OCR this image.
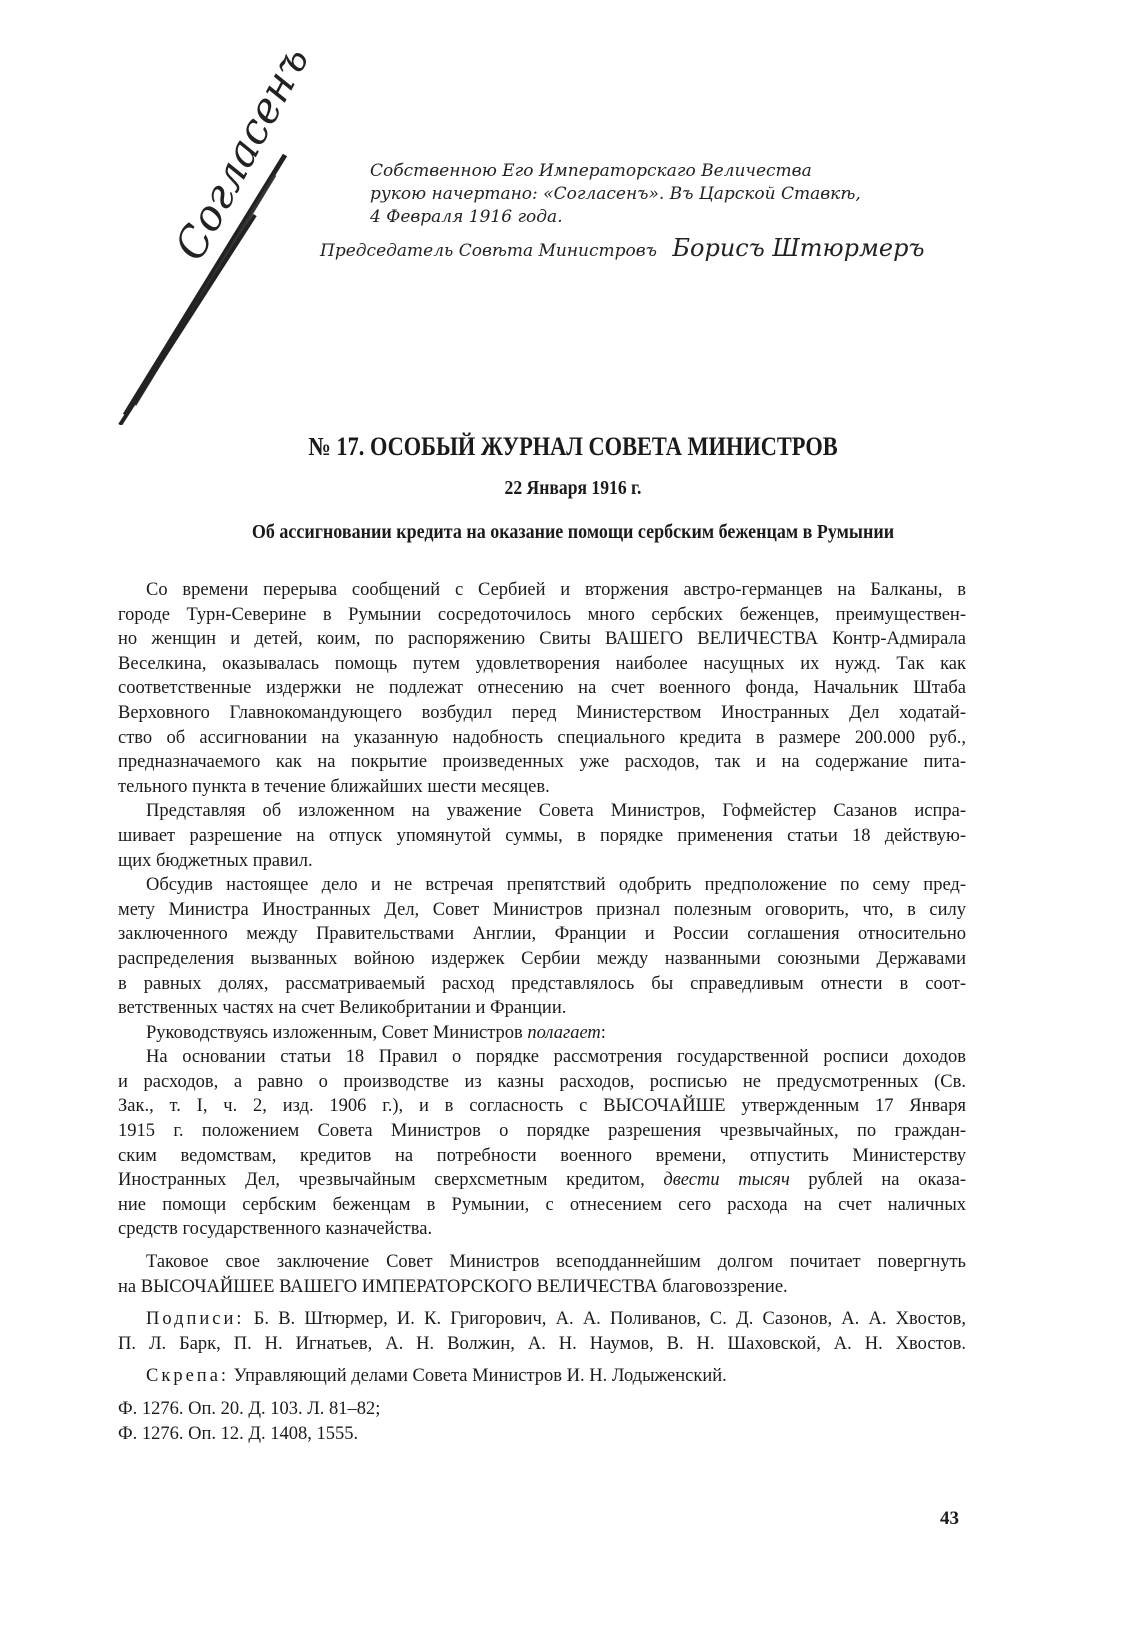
Согласенъ	Собственною Его Императорскаго Величества
рукою начертано: «Согласенъ». Въ Царской Ставкѣ,
4 Февраля 1916 года.
Председатель Совѣта Министровъ Борисъ Штюрмеръ
№ 17. ОСОБЫЙ ЖУРНАЛ СОВЕТА МИНИСТРОВ
22 Января 1916 г.
Об ассигновании кредита на оказание помощи сербским беженцам в Румынии
Со времени перерыва сообщений с Сербией и вторжения австро-германцев на Балканы, в
городе Турн-Северине в Румынии сосредоточилось много сербских беженцев, преимуществен-
но женщин и детей, коим, по распоряжению Свиты ВАШЕГО ВЕЛИЧЕСТВА Контр-Адмирала
Веселкина, оказывалась помощь путем удовлетворения наиболее насущных их нужд. Так как
соответственные издержки не подлежат отнесению на счет военного фонда, Начальник Штаба
Верховного Главнокомандующего возбудил перед Министерством Иностранных Дел ходатай-
ство об ассигновании на указанную надобность специального кредита в размере 200.000 руб.,
предназначаемого как на покрытие произведенных уже расходов, так и на содержание пита-
тельного пункта в течение ближайших шести месяцев.
Представляя об изложенном на уважение Совета Министров, Гофмейстер Сазанов испра-
шивает разрешение на отпуск упомянутой суммы, в порядке применения статьи 18 действую-
щих бюджетных правил.
Обсудив настоящее дело и не встречая препятствий одобрить предположение по сему пред-
мету Министра Иностранных Дел, Совет Министров признал полезным оговорить, что, в силу
заключенного между Правительствами Англии, Франции и России соглашения относительно
распределения вызванных войною издержек Сербии между названными союзными Державами
в равных долях, рассматриваемый расход представлялось бы справедливым отнести в соот-
ветственных частях на счет Великобритании и Франции.
Руководствуясь изложенным, Совет Министров полагает:
На основании статьи 18 Правил о порядке рассмотрения государственной росписи доходов
и расходов, а равно о производстве из казны расходов, росписью не предусмотренных (Св.
Зак., т. I, ч. 2, изд. 1906 г.), и в согласность с ВЫСОЧАЙШЕ утвержденным 17 Января
1915 г. положением Совета Министров о порядке разрешения чрезвычайных, по граждан-
ским ведомствам, кредитов на потребности военного времени, отпустить Министерству
Иностранных Дел, чрезвычайным сверхсметным кредитом, двести тысяч рублей на оказа-
ние помощи сербским беженцам в Румынии, с отнесением сего расхода на счет наличных
средств государственного казначейства.
Таковое свое заключение Совет Министров всеподданнейшим долгом почитает повергнуть
на ВЫСОЧАЙШЕЕ ВАШЕГО ИМПЕРАТОРСКОГО ВЕЛИЧЕСТВА благовоззрение.
Подписи: Б. В. Штюрмер, И. К. Григорович, А. А. Поливанов, С. Д. Сазонов, А. А. Хвостов,
П. Л. Барк, П. Н. Игнатьев, А. Н. Волжин, А. Н. Наумов, В. Н. Шаховской, А. Н. Хвостов.
Скрепа: Управляющий делами Совета Министров И. Н. Лодыженский.
Ф. 1276. Оп. 20. Д. 103. Л. 81–82;
Ф. 1276. Оп. 12. Д. 1408, 1555.
43
